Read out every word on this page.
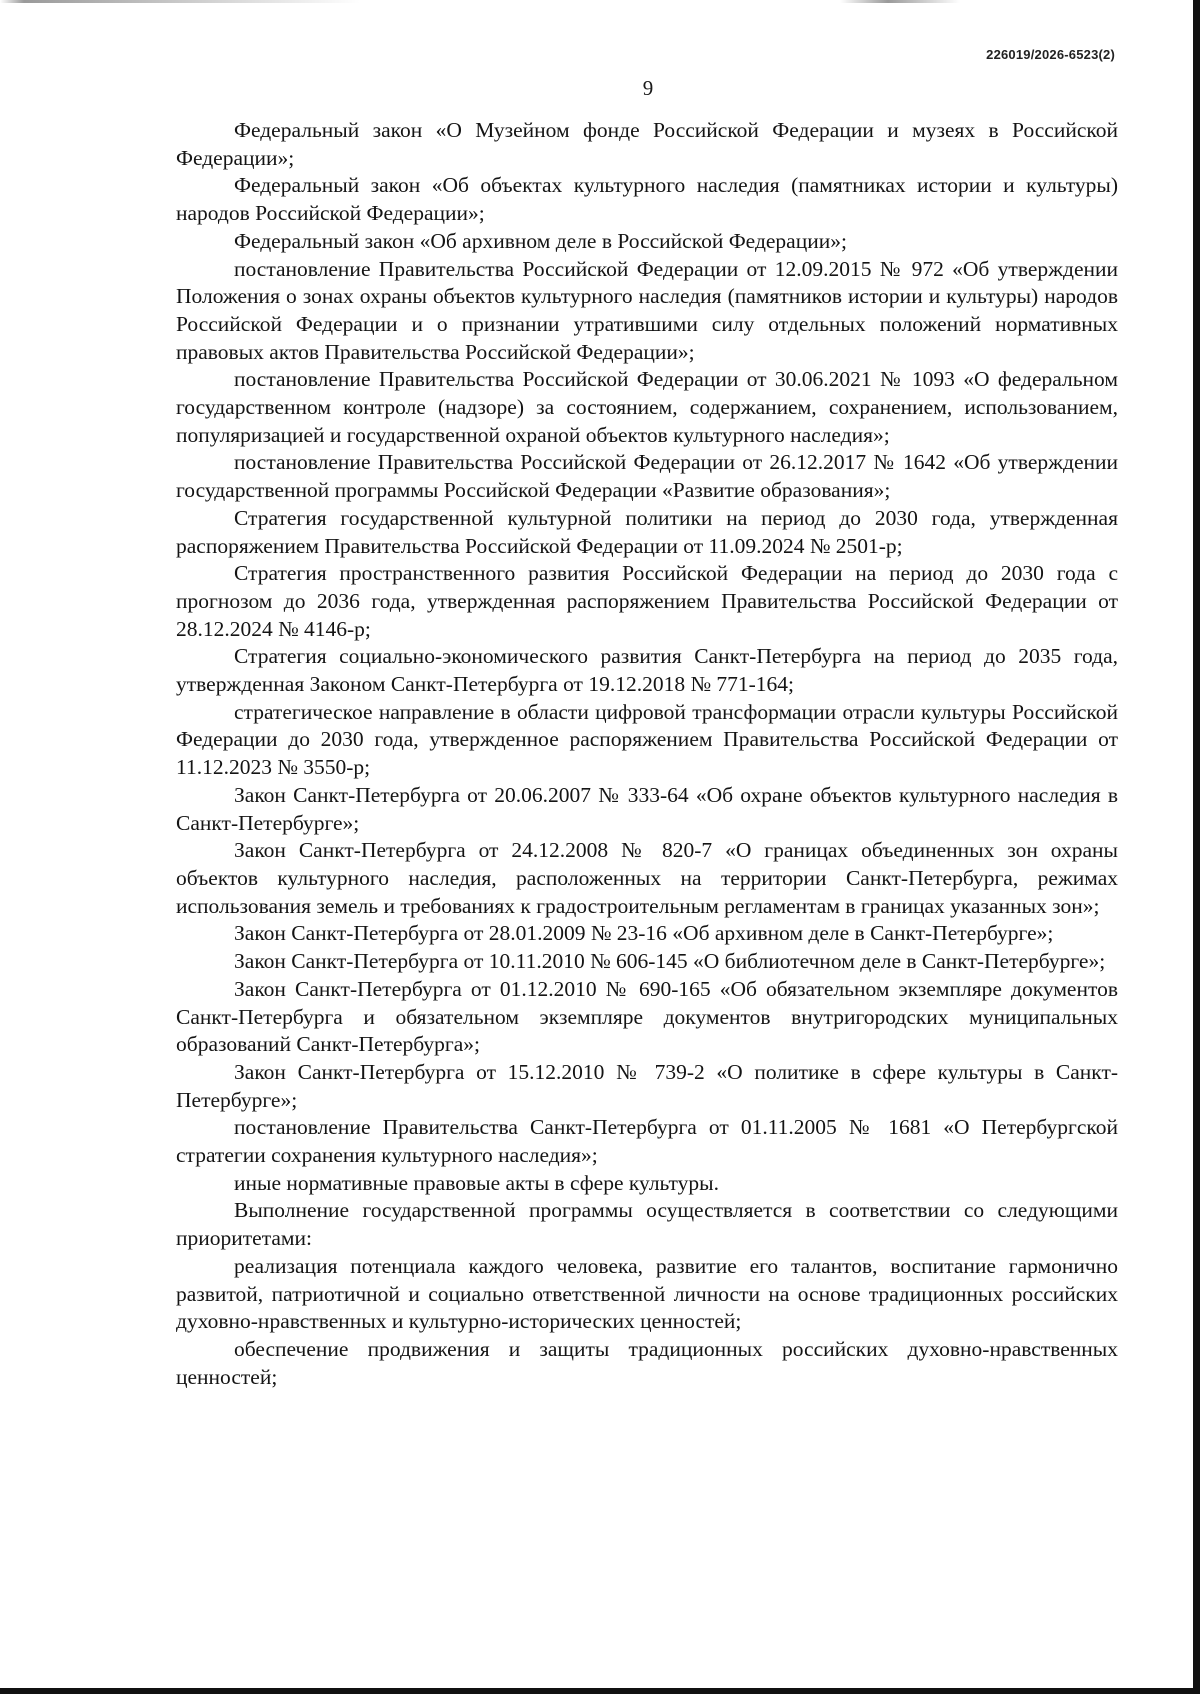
226019/2026-6523(2)
9

Федеральный закон «О Музейном фонде Российской Федерации и музеях в Российской Федерации»;

Федеральный закон «Об объектах культурного наследия (памятниках истории и культуры) народов Российской Федерации»;

Федеральный закон «Об архивном деле в Российской Федерации»;

постановление Правительства Российской Федерации от 12.09.2015 № 972 «Об утверждении Положения о зонах охраны объектов культурного наследия (памятников истории и культуры) народов Российской Федерации и о признании утратившими силу отдельных положений нормативных правовых актов Правительства Российской Федерации»;

постановление Правительства Российской Федерации от 30.06.2021 № 1093 «О федеральном государственном контроле (надзоре) за состоянием, содержанием, сохранением, использованием, популяризацией и государственной охраной объектов культурного наследия»;

постановление Правительства Российской Федерации от 26.12.2017 № 1642 «Об утверждении государственной программы Российской Федерации «Развитие образования»;

Стратегия государственной культурной политики на период до 2030 года, утвержденная распоряжением Правительства Российской Федерации от 11.09.2024 № 2501-р;

Стратегия пространственного развития Российской Федерации на период до 2030 года с прогнозом до 2036 года, утвержденная распоряжением Правительства Российской Федерации от 28.12.2024 № 4146-р;

Стратегия социально-экономического развития Санкт-Петербурга на период до 2035 года, утвержденная Законом Санкт-Петербурга от 19.12.2018 № 771-164;

стратегическое направление в области цифровой трансформации отрасли культуры Российской Федерации до 2030 года, утвержденное распоряжением Правительства Российской Федерации от 11.12.2023 № 3550-р;

Закон Санкт-Петербурга от 20.06.2007 № 333-64 «Об охране объектов культурного наследия в Санкт-Петербурге»;

Закон Санкт-Петербурга от 24.12.2008 № 820-7 «О границах объединенных зон охраны объектов культурного наследия, расположенных на территории Санкт-Петербурга, режимах использования земель и требованиях к градостроительным регламентам в границах указанных зон»;

Закон Санкт-Петербурга от 28.01.2009 № 23-16 «Об архивном деле в Санкт-Петербурге»;

Закон Санкт-Петербурга от 10.11.2010 № 606-145 «О библиотечном деле в Санкт-Петербурге»;

Закон Санкт-Петербурга от 01.12.2010 № 690-165 «Об обязательном экземпляре документов Санкт-Петербурга и обязательном экземпляре документов внутригородских муниципальных образований Санкт-Петербурга»;

Закон Санкт-Петербурга от 15.12.2010 № 739-2 «О политике в сфере культуры в Санкт-Петербурге»;

постановление Правительства Санкт-Петербурга от 01.11.2005 № 1681 «О Петербургской стратегии сохранения культурного наследия»;

иные нормативные правовые акты в сфере культуры.

Выполнение государственной программы осуществляется в соответствии со следующими приоритетами:

реализация потенциала каждого человека, развитие его талантов, воспитание гармонично развитой, патриотичной и социально ответственной личности на основе традиционных российских духовно-нравственных и культурно-исторических ценностей;

обеспечение продвижения и защиты традиционных российских духовно-нравственных ценностей;
